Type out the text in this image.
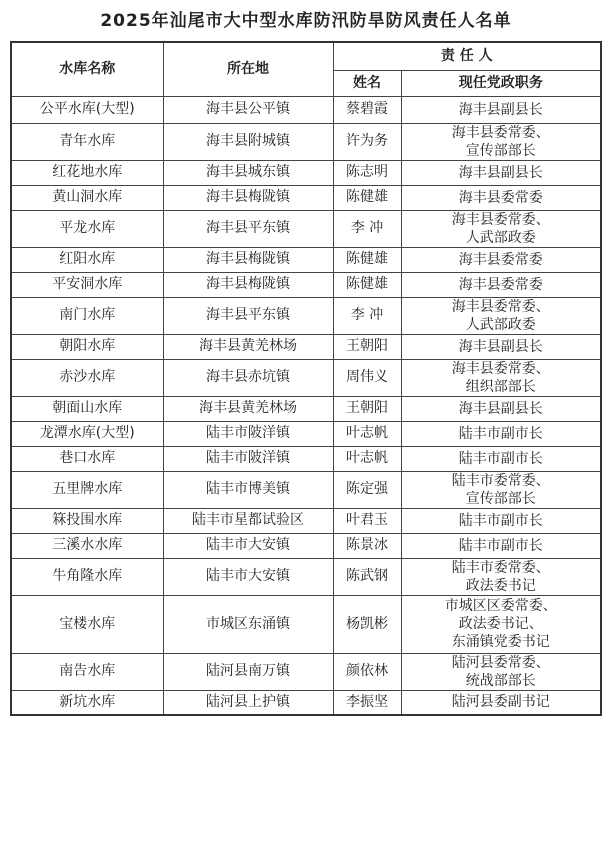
2025年汕尾市大中型水库防汛防旱防风责任人名单
水库名称	所在地	责 任 人	
		姓名	现任党政职务
公平水库(大型)	海丰县公平镇	蔡碧霞	海丰县副县长
青年水库	海丰县附城镇	许为务	海丰县委常委、
宣传部部长
红花地水库	海丰县城东镇	陈志明	海丰县副县长
黄山洞水库	海丰县梅陇镇	陈健雄	海丰县委常委
平龙水库	海丰县平东镇	李 冲	海丰县委常委、
人武部政委
红阳水库	海丰县梅陇镇	陈健雄	海丰县委常委
平安洞水库	海丰县梅陇镇	陈健雄	海丰县委常委
南门水库	海丰县平东镇	李 冲	海丰县委常委、
人武部政委
朝阳水库	海丰县黄羌林场	王朝阳	海丰县副县长
赤沙水库	海丰县赤坑镇	周伟义	海丰县委常委、
组织部部长
朝面山水库	海丰县黄羌林场	王朝阳	海丰县副县长
龙潭水库(大型)	陆丰市陂洋镇	叶志帆	陆丰市副市长
巷口水库	陆丰市陂洋镇	叶志帆	陆丰市副市长
五里牌水库	陆丰市博美镇	陈定强	陆丰市委常委、
宣传部部长
箖投围水库	陆丰市星都试验区	叶君玉	陆丰市副市长
三溪水水库	陆丰市大安镇	陈景冰	陆丰市副市长
牛角隆水库	陆丰市大安镇	陈武钢	陆丰市委常委、
政法委书记
宝楼水库	市城区东涌镇	杨凯彬	市城区区委常委、
政法委书记、
东涌镇党委书记
南告水库	陆河县南万镇	颜依林	陆河县委常委、
统战部部长
新坑水库	陆河县上护镇	李振坚	陆河县委副书记
